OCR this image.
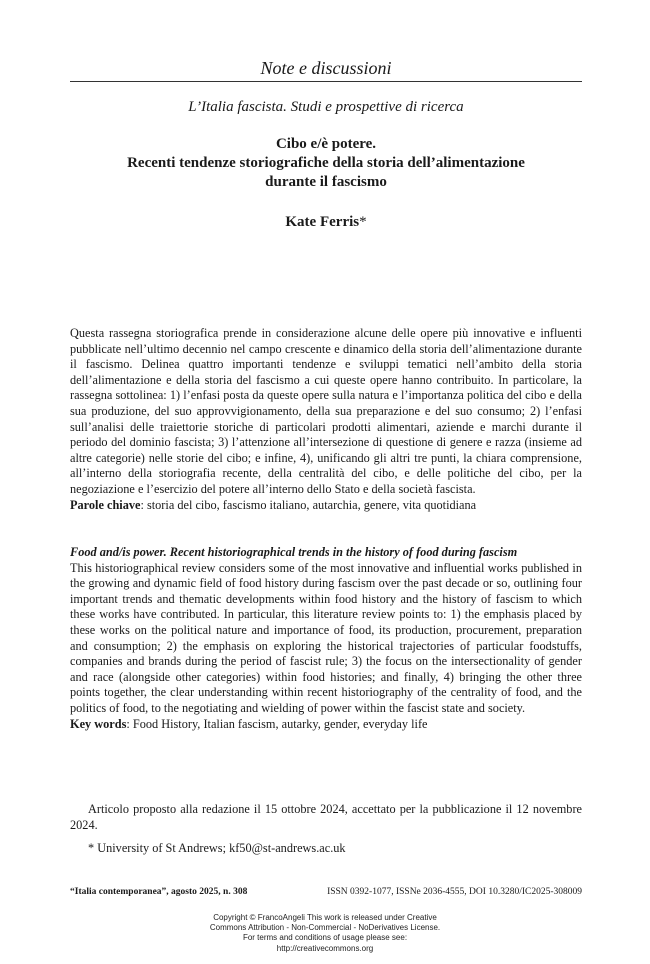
Note e discussioni
L’Italia fascista. Studi e prospettive di ricerca
Cibo e/è potere.
Recenti tendenze storiografiche della storia dell’alimentazione
durante il fascismo
Kate Ferris*
Questa rassegna storiografica prende in considerazione alcune delle opere più innovative e influenti pubblicate nell’ultimo decennio nel campo crescente e dinamico della storia dell’alimentazione durante il fascismo. Delinea quattro importanti tendenze e sviluppi tematici nell’ambito della storia dell’alimentazione e della storia del fascismo a cui queste opere hanno contribuito. In particolare, la rassegna sottolinea: 1) l’enfasi posta da queste opere sulla natura e l’importanza politica del cibo e della sua produzione, del suo approvvigionamento, della sua preparazione e del suo consumo; 2) l’enfasi sull’analisi delle traiettorie storiche di particolari prodotti alimentari, aziende e marchi durante il periodo del dominio fascista; 3) l’attenzione all’intersezione di questione di genere e razza (insieme ad altre categorie) nelle storie del cibo; e infine, 4), unificando gli altri tre punti, la chiara comprensione, all’interno della storiografia recente, della centralità del cibo, e delle politiche del cibo, per la negoziazione e l’esercizio del potere all’interno dello Stato e della società fascista.
Parole chiave: storia del cibo, fascismo italiano, autarchia, genere, vita quotidiana
Food and/is power. Recent historiographical trends in the history of food during fascism
This historiographical review considers some of the most innovative and influential works published in the growing and dynamic field of food history during fascism over the past decade or so, outlining four important trends and thematic developments within food history and the history of fascism to which these works have contributed. In particular, this literature review points to: 1) the emphasis placed by these works on the political nature and importance of food, its production, procurement, preparation and consumption; 2) the emphasis on exploring the historical trajectories of particular foodstuffs, companies and brands during the period of fascist rule; 3) the focus on the intersectionality of gender and race (alongside other categories) within food histories; and finally, 4) bringing the other three points together, the clear understanding within recent historiography of the centrality of food, and the politics of food, to the negotiating and wielding of power within the fascist state and society.
Key words: Food History, Italian fascism, autarky, gender, everyday life
Articolo proposto alla redazione il 15 ottobre 2024, accettato per la pubblicazione il 12 novembre 2024.
* University of St Andrews; kf50@st-andrews.ac.uk
“Italia contemporanea”, agosto 2025, n. 308	ISSN 0392-1077, ISSNe 2036-4555, DOI 10.3280/IC2025-308009
Copyright © FrancoAngeli This work is released under Creative
Commons Attribution - Non-Commercial - NoDerivatives License.
For terms and conditions of usage please see:
http://creativecommons.org
